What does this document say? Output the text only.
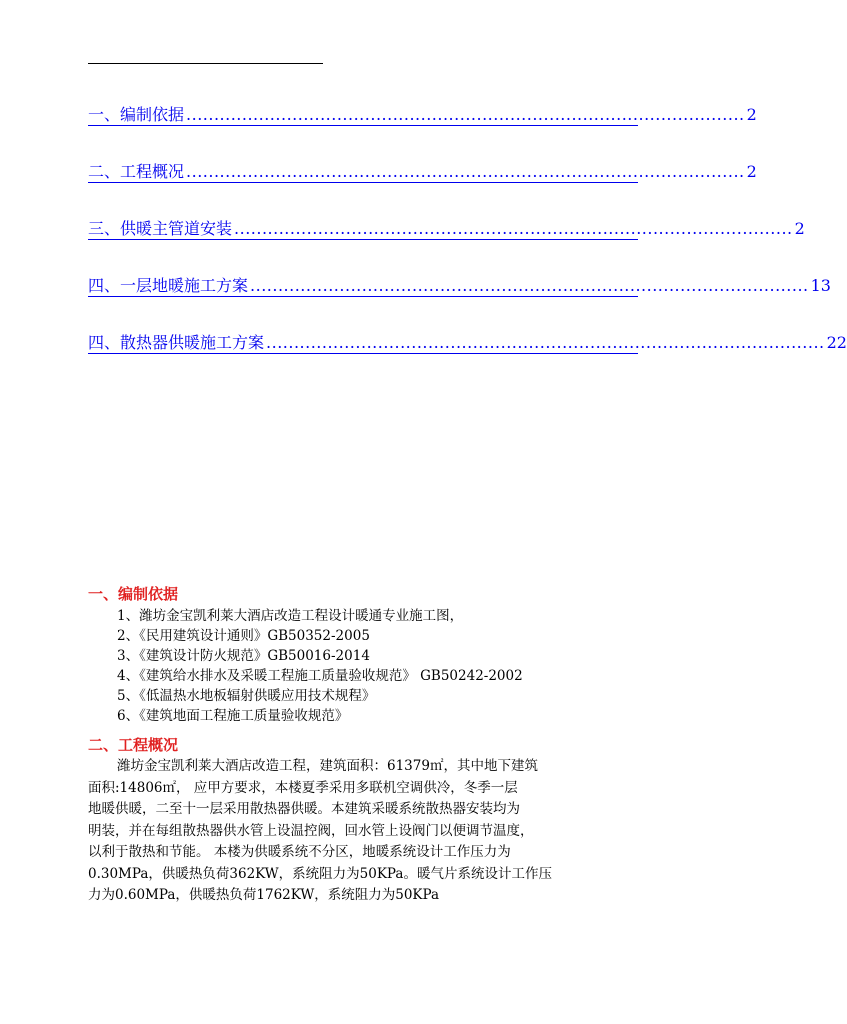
一、编制依据 .................................................................................................... 2
二、工程概况 .................................................................................................... 2
三、供暖主管道安装 .................................................................................................... 2
四、一层地暖施工方案 .................................................................................................... 13
四、散热器供暖施工方案 .................................................................................................... 22
一、编制依据
1、潍坊金宝凯利莱大酒店改造工程设计暖通专业施工图，
2、《民用建筑设计通则》GB50352-2005
3、《建筑设计防火规范》GB50016-2014
4、《建筑给水排水及采暖工程施工质量验收规范》 GB50242-2002
5、《低温热水地板辐射供暖应用技术规程》
6、《建筑地面工程施工质量验收规范》
二、工程概况

潍坊金宝凯利莱大酒店改造工程，建筑面积：61379㎡，其中地下建筑
面积:14806㎡， 应甲方要求，本楼夏季采用多联机空调供冷，冬季一层
地暖供暖，二至十一层采用散热器供暖。本建筑采暖系统散热器安装均为
明装，并在每组散热器供水管上设温控阀，回水管上设阀门以便调节温度，
以利于散热和节能。 本楼为供暖系统不分区，地暖系统设计工作压力为
0.30MPa，供暖热负荷362KW，系统阻力为50KPa。暖气片系统设计工作压
力为0.60MPa，供暖热负荷1762KW，系统阻力为50KPa
